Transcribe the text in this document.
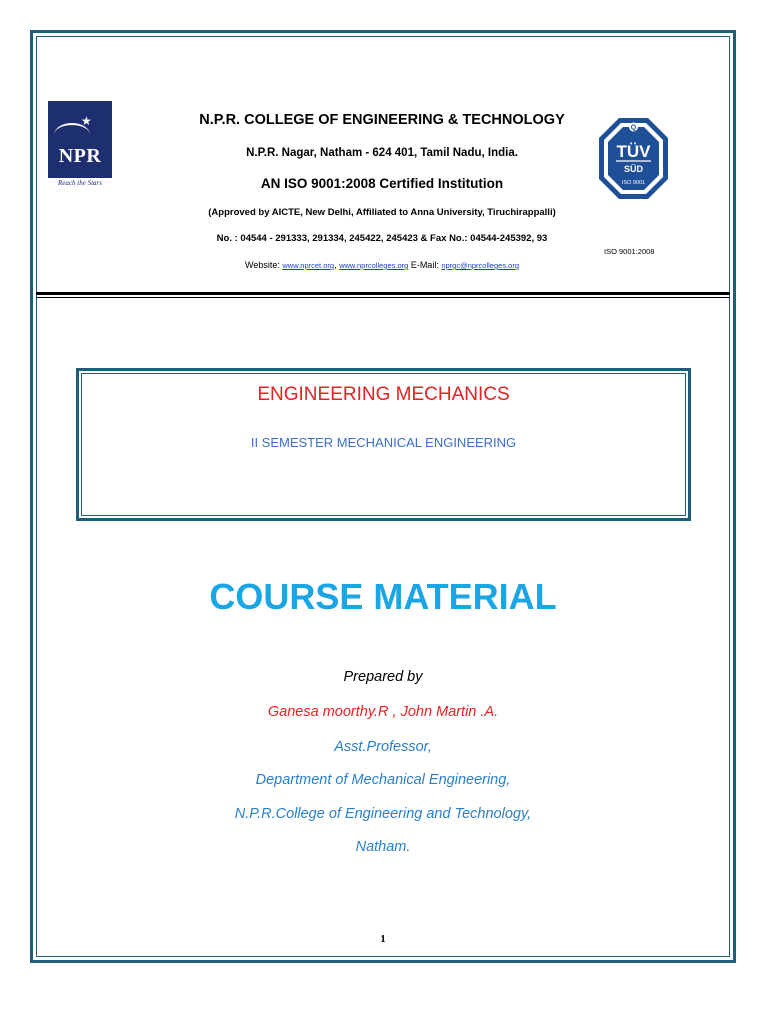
★
NPR
Reach the Stars
N.P.R. COLLEGE OF ENGINEERING & TECHNOLOGY
N.P.R. Nagar, Natham - 624 401, Tamil Nadu, India.
AN ISO 9001:2008 Certified Institution
(Approved by AICTE, New Delhi, Affiliated to Anna University, Tiruchirappalli)
No. : 04544 - 291333, 291334, 245422, 245423 & Fax No.: 04544-245392, 93
Website: www.nprcet.org, www.nprcolleges.org E-Mail: nprgc@nprcolleges.org
Q
TÜV
SÜD
ISO 9001
ISO 9001:2008
ENGINEERING MECHANICS
II SEMESTER MECHANICAL ENGINEERING
COURSE MATERIAL
Prepared by
Ganesa moorthy.R , John Martin .A.
Asst.Professor,
Department of Mechanical Engineering,
N.P.R.College of Engineering and Technology,
Natham.
1
